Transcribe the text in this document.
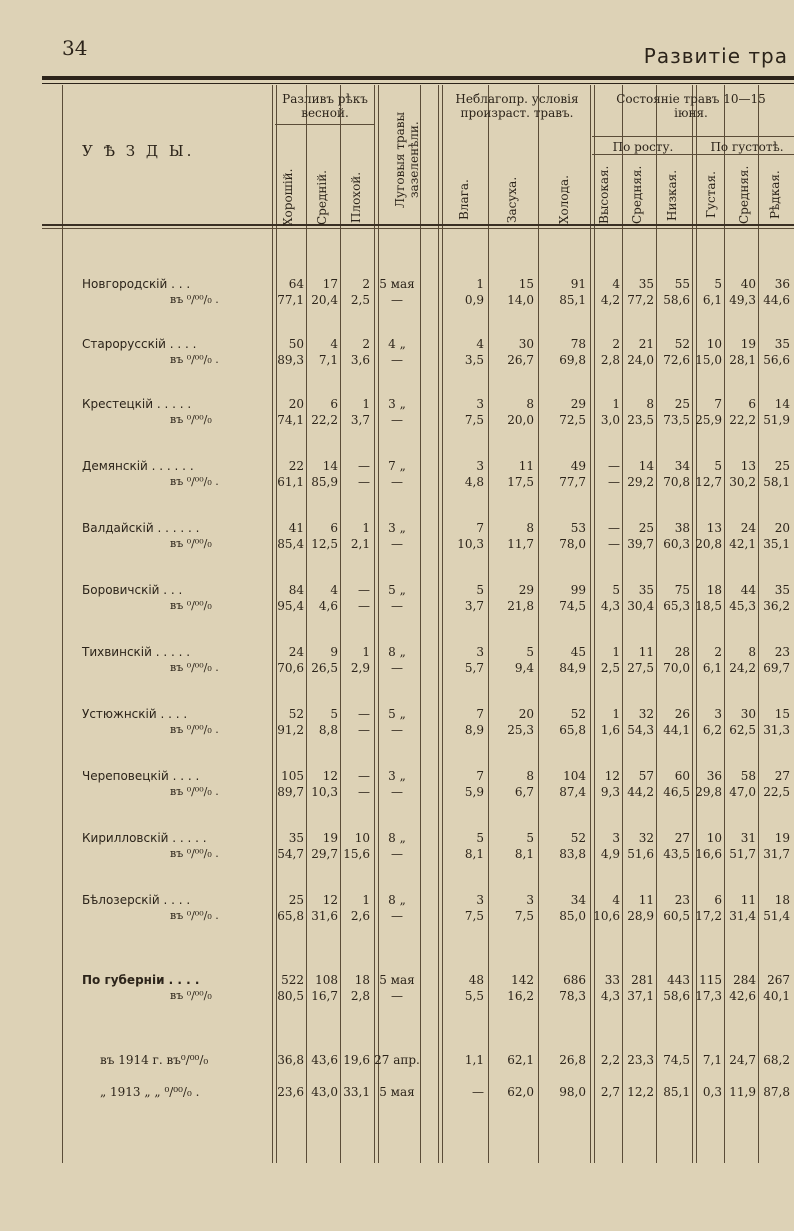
34	Развитіе тра
У Ѣ З Д Ы.
Разливъ рѣкъ весной.
Хорошій. Средній. Плохой.	Луговыя травы зазеленѣли.
Неблагопр. условія произраст. травъ.
Влага.	Засуха.	Холода.
Состояніе травъ 10—15 іюня.
По росту.	По густотѣ.
Высокая. Средняя. Низкая. Густая. Средняя. Рѣдкая.
Новгородскій . . .
въ ⁰/⁰⁰/₀ .
64	17	2 5 мая	1	15	91	4	35	55	5	40	36
77,1 20,4	2,5	—	0,9	14,0	85,1	4,2 77,2 58,6	6,1 49,3 44,6
Старорусскій . . . .
въ ⁰/⁰⁰/₀ .
50	4	2	4 „	4	30	78	2	21	52	10	19	35
89,3	7,1	3,6	—	3,5	26,7	69,8	2,8 24,0 72,6 15,0 28,1 56,6
Крестецкій . . . . .
въ ⁰/⁰⁰/₀
20	6	1	3 „	3	8	29	1	8	25	7	6	14
74,1 22,2	3,7	—	7,5	20,0	72,5	3,0 23,5 73,5 25,9 22,2 51,9
Демянскій . . . . . .
въ ⁰/⁰⁰/₀ .
22	14	—	7 „	3	11	49	—	14	34	5	13	25
61,1 85,9	—	—	4,8	17,5	77,7	— 29,2 70,8 12,7 30,2 58,1
Валдайскій . . . . . .
въ ⁰/⁰⁰/₀
41	6	1	3 „	7	8	53	—	25	38	13	24	20
85,4 12,5	2,1	—	10,3	11,7	78,0	— 39,7 60,3 20,8 42,1 35,1
Боровичскій . . .
въ ⁰/⁰⁰/₀
84	4	—	5 „	5	29	99	5	35	75	18	44	35
95,4	4,6	—	—	3,7	21,8	74,5	4,3 30,4 65,3 18,5 45,3 36,2
Тихвинскій . . . . .
въ ⁰/⁰⁰/₀ .
24	9	1	8 „	3	5	45	1	11	28	2	8	23
70,6 26,5	2,9	—	5,7	9,4	84,9	2,5 27,5 70,0	6,1 24,2 69,7
Устюжнскій . . . .
въ ⁰/⁰⁰/₀ .
52	5	—	5 „	7	20	52	1	32	26	3	30	15
91,2	8,8	—	—	8,9	25,3	65,8	1,6 54,3 44,1	6,2 62,5 31,3
Череповецкій . . . .
въ ⁰/⁰⁰/₀ .
105	12	—	3 „	7	8	104	12	57	60	36	58	27
89,7 10,3	—	—	5,9	6,7	87,4	9,3 44,2 46,5 29,8 47,0 22,5
Кирилловскій . . . . .
въ ⁰/⁰⁰/₀ .
35	19	10	8 „	5	5	52	3	32	27	10	31	19
54,7 29,7 15,6	—	8,1	8,1	83,8	4,9 51,6 43,5 16,6 51,7 31,7
Бѣлозерскій . . . .
въ ⁰/⁰⁰/₀ .
25	12	1	8 „	3	3	34	4	11	23	6	11	18
65,8 31,6	2,6	—	7,5	7,5	85,0 10,6 28,9 60,5 17,2 31,4 51,4
По губерніи . . . .
въ ⁰/⁰⁰/₀
522 108	18 5 мая	48	142	686	33 281	443 115 284 267
80,5 16,7	2,8	—	5,5	16,2	78,3	4,3 37,1 58,6 17,3 42,6 40,1
въ 1914 г. въ⁰/⁰⁰/₀	36,8 43,6 19,6 27 апр.	1,1	62,1	26,8	2,2 23,3 74,5	7,1 24,7 68,2
„ 1913 „ „ ⁰/⁰⁰/₀ .	23,6 43,0 33,1 5 мая	—	62,0	98,0	2,7 12,2 85,1	0,3 11,9 87,8
